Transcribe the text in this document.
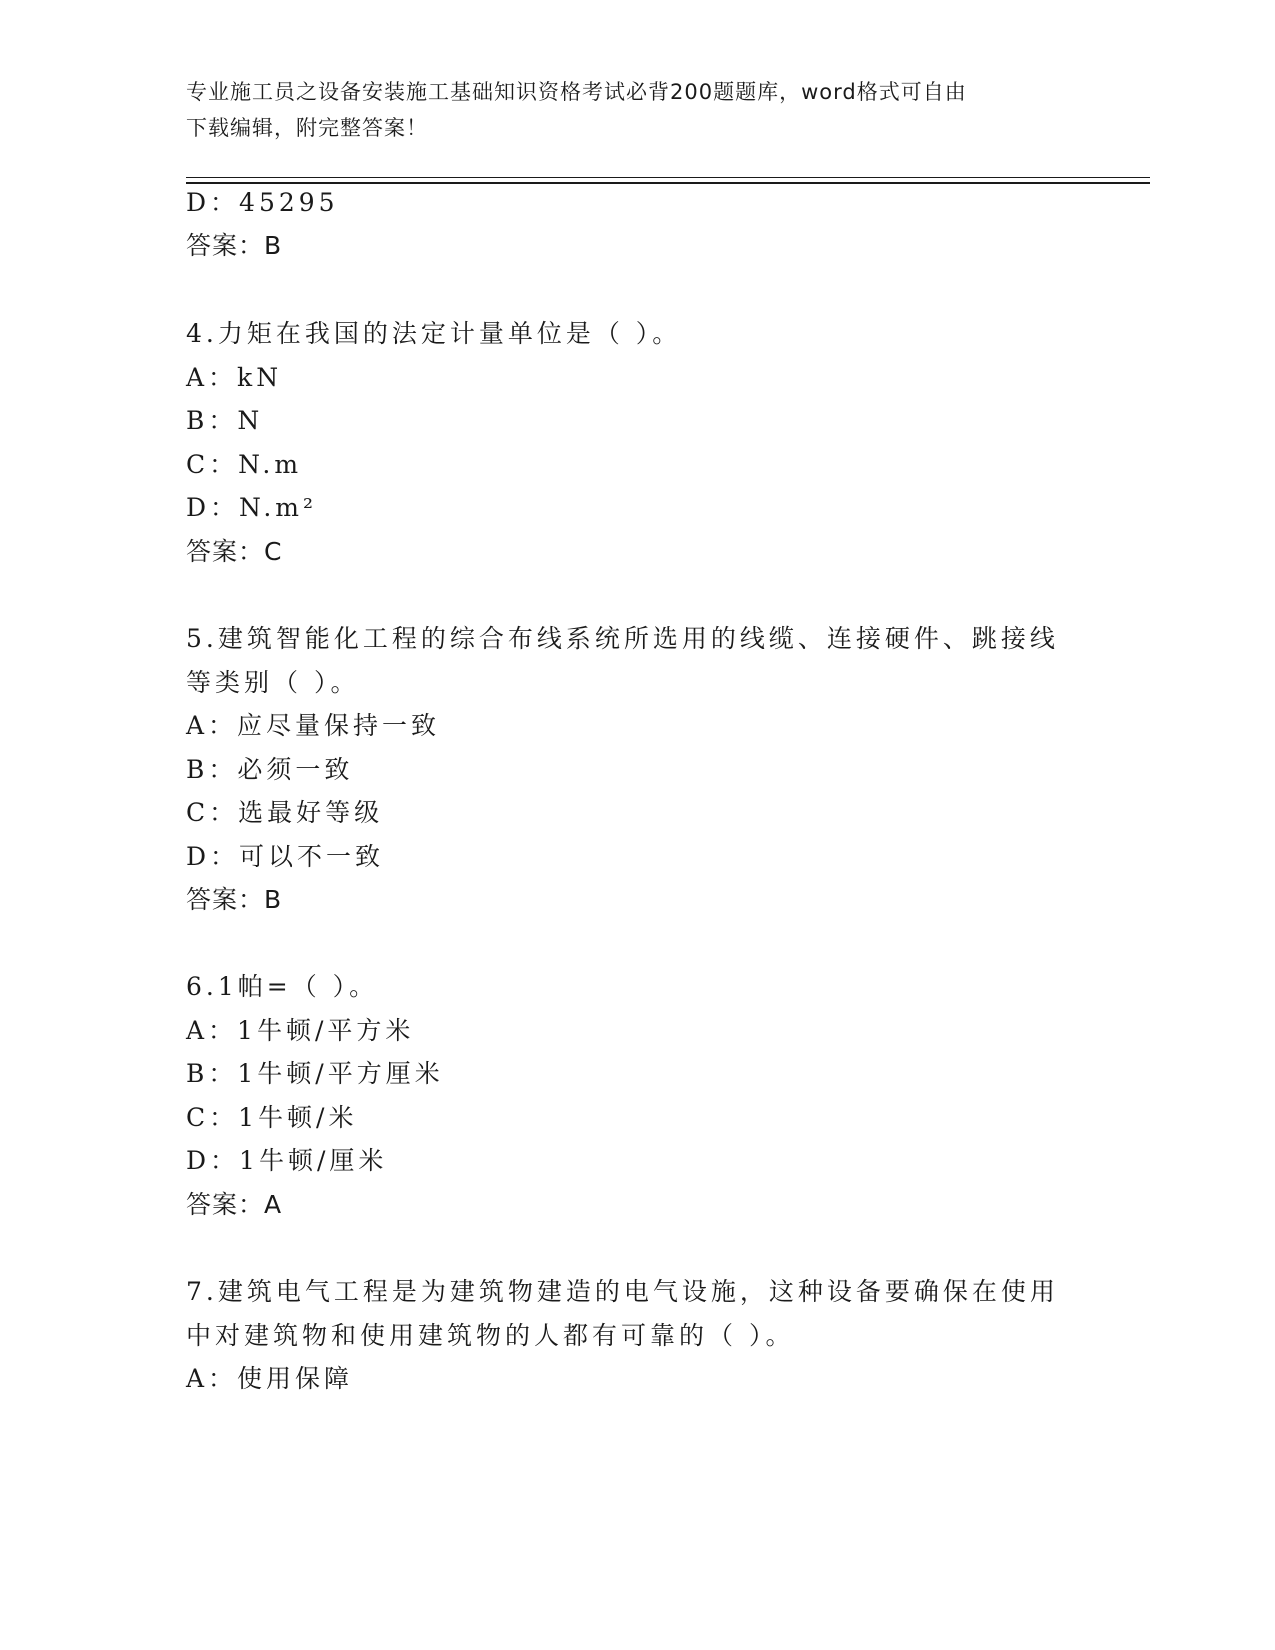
专业施工员之设备安装施工基础知识资格考试必背200题题库，word格式可自由
下载编辑，附完整答案！
D：45295
答案：B
4.力矩在我国的法定计量单位是（ ）。
A：kN
B：N
C：N.m
D：N.m²
答案：C
5.建筑智能化工程的综合布线系统所选用的线缆、连接硬件、跳接线
等类别（ ）。
A：应尽量保持一致
B：必须一致
C：选最好等级
D：可以不一致
答案：B
6.1帕=（ ）。
A：1牛顿/平方米
B：1牛顿/平方厘米
C：1牛顿/米
D：1牛顿/厘米
答案：A
7.建筑电气工程是为建筑物建造的电气设施，这种设备要确保在使用
中对建筑物和使用建筑物的人都有可靠的（ ）。
A：使用保障
